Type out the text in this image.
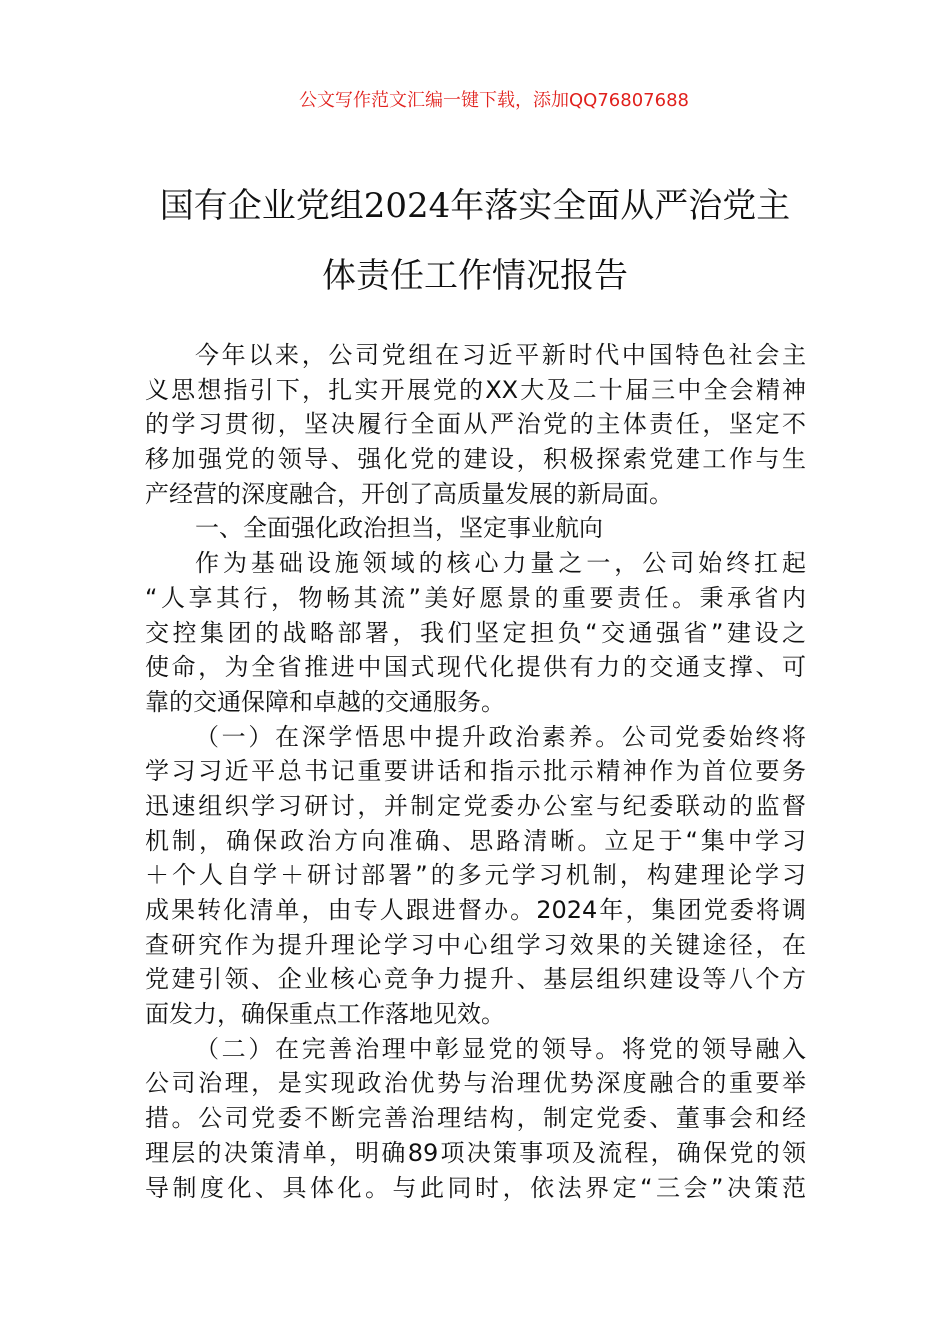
公文写作范文汇编一键下载，添加QQ76807688
国有企业党组2024年落实全面从严治党主
体责任工作情况报告
今年以来，公司党组在习近平新时代中国特色社会主
义思想指引下，扎实开展党的XX大及二十届三中全会精神
的学习贯彻，坚决履行全面从严治党的主体责任，坚定不
移加强党的领导、强化党的建设，积极探索党建工作与生
产经营的深度融合，开创了高质量发展的新局面。
一、全面强化政治担当，坚定事业航向
作为基础设施领域的核心力量之一，公司始终扛起
“人享其行，物畅其流”美好愿景的重要责任。秉承省内
交控集团的战略部署，我们坚定担负“交通强省”建设之
使命，为全省推进中国式现代化提供有力的交通支撑、可
靠的交通保障和卓越的交通服务。
（一）在深学悟思中提升政治素养。公司党委始终将
学习习近平总书记重要讲话和指示批示精神作为首位要务
迅速组织学习研讨，并制定党委办公室与纪委联动的监督
机制，确保政治方向准确、思路清晰。立足于“集中学习
＋个人自学＋研讨部署”的多元学习机制，构建理论学习
成果转化清单，由专人跟进督办。2024年，集团党委将调
查研究作为提升理论学习中心组学习效果的关键途径，在
党建引领、企业核心竞争力提升、基层组织建设等八个方
面发力，确保重点工作落地见效。
（二）在完善治理中彰显党的领导。将党的领导融入
公司治理，是实现政治优势与治理优势深度融合的重要举
措。公司党委不断完善治理结构，制定党委、董事会和经
理层的决策清单，明确89项决策事项及流程，确保党的领
导制度化、具体化。与此同时，依法界定“三会”决策范
